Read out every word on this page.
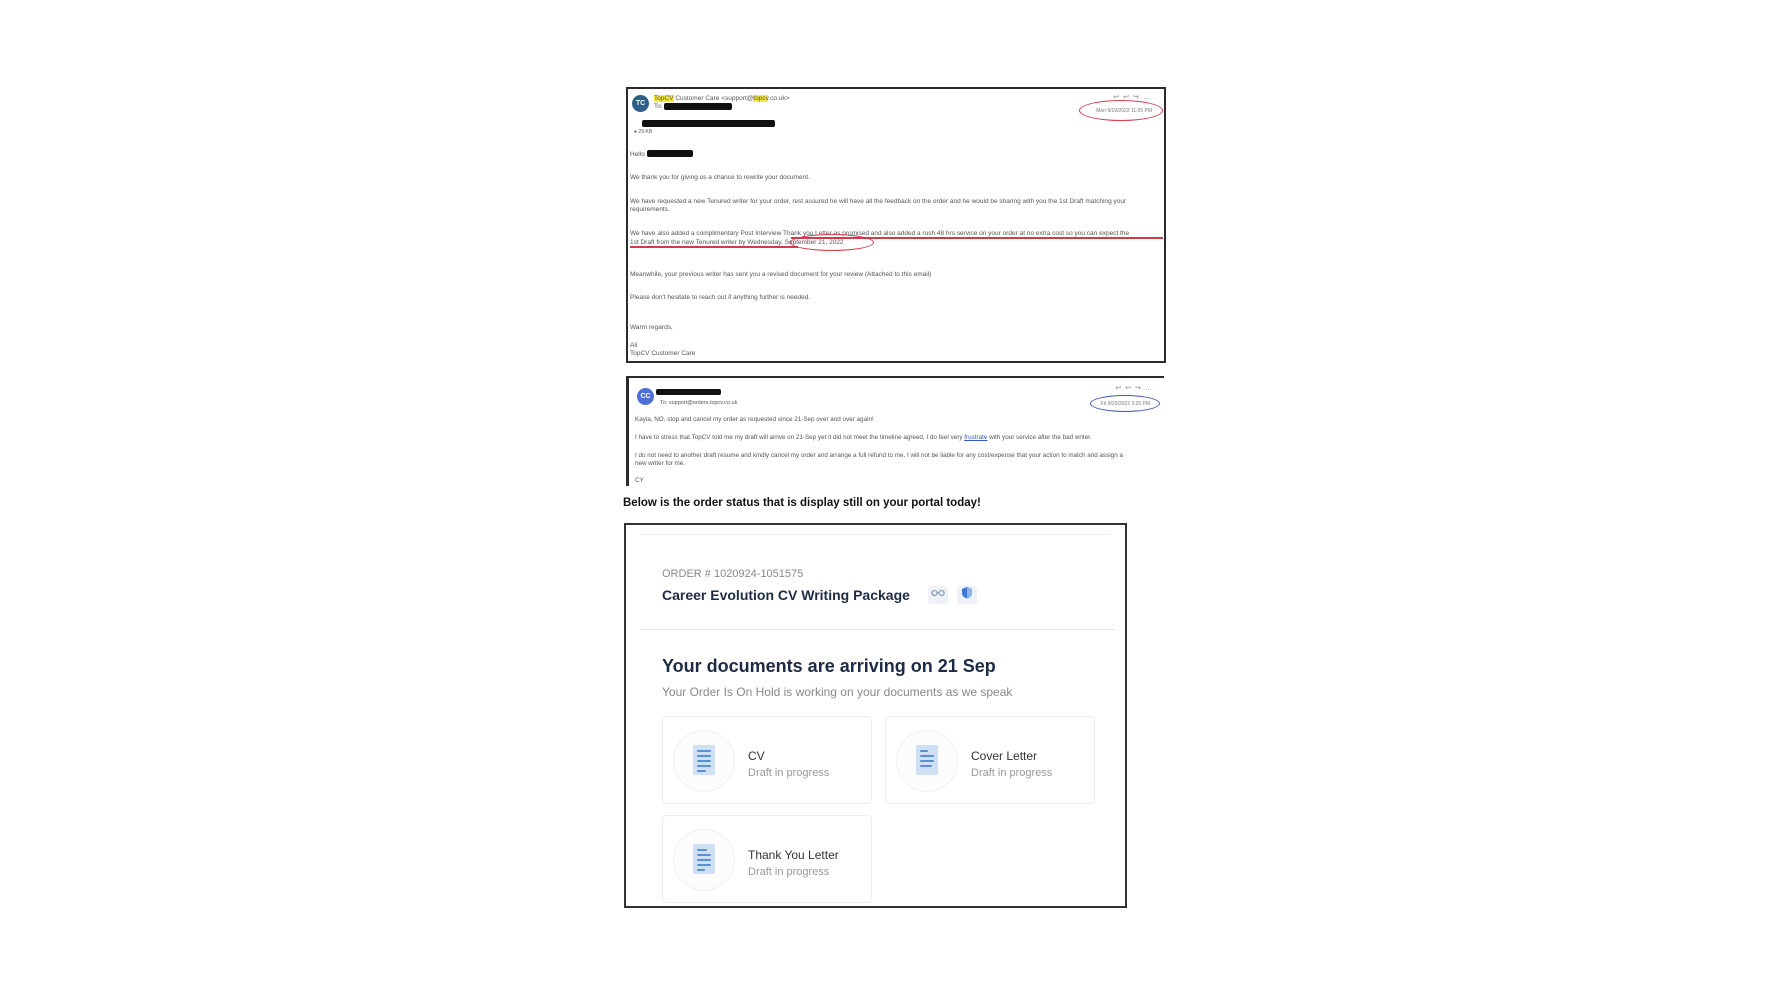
TC
TopCV Customer Care <support@topcv.co.uk>
To:
● 29 KB
↩↩↪…
Mon 9/19/2022 11:05 PM
Hello
We thank you for giving us a chance to rewrite your document.
We have requested a new Tenured writer for your order, rest assured he will have all the feedback on the order and he would be sharing with you the 1st Draft matching your
requirements.
We have also added a complimentary Post Interview Thank you Letter as promised and also added a rush 48 hrs service on your order at no extra cost so you can expect the
1st Draft from the new Tenured writer by Wednesday, September 21, 2022
Meanwhile, your previous writer has sent you a revised document for your review (Attached to this email)
Please don't hesitate to reach out if anything further is needed.
Warm regards,
Ali
TopCV Customer Care
CC
To: support@orders.topcv.co.uk
↩↩↪…
Fri 9/23/2022 3:25 PM
Kayla, NO, stop and cancel my order as requested since 21-Sep over and over again!
I have to stress that TopCV told me my draft will arrive on 21-Sep yet it did not meet the timeline agreed, I do feel very frustrate with your service after the bad writer.
I do not need to another draft resume and kindly cancel my order and arrange a full refund to me, I will not be liable for any cost/expense that your action to match and assign a
new writer for me.
CY
Below is the order status that is display still on your portal today!
ORDER # 1020924-1051575
Career Evolution CV Writing Package
Your documents are arriving on 21 Sep
Your Order Is On Hold is working on your documents as we speak
CV
Draft in progress
Cover Letter
Draft in progress
Thank You Letter
Draft in progress
